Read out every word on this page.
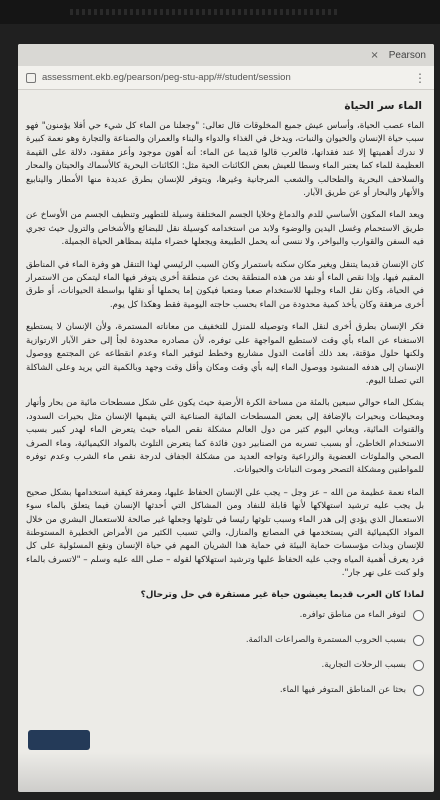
× Pearson
assessment.ekb.eg/pearson/peg-stu-app/#/student/session	⋮
الماء سر الحياة

الماء عصب الحياة، وأساس عيش جميع المخلوقات قال تعالى: "وجعلنا من الماء كل شيء حي أفلا يؤمنون" فهو سبب حياة الإنسان والحيوان والنبات، ويدخل في الغذاء والدواء والبناء والعمران والصناعة والتجارة وهو نعمة كبيرة لا ندرك أهميتها إلا عند فقدانها، فالعرب قالوا قديما عن الماء: أنه أهون موجود وأعز مفقود، دلالة على القيمة العظيمة للماء كما يعتبر الماء وسطا للعيش بعض الكائنات الحية مثل: الكائنات البحرية كالأسماك والحيتان والمحار والسلاحف البحرية والطحالب والشعب المرجانية وغيرها، ويتوفر للإنسان بطرق عديدة منها الأمطار والينابيع والأنهار والبحار أو عن طريق الآبار.

ويعد الماء المكون الأساسي للدم والدماغ وخلايا الجسم المختلفة وسيلة للتطهير وتنظيف الجسم من الأوساخ عن طريق الاستحمام وغسل اليدين والوضوء ولابد من استخدامه كوسيلة نقل للبضائع والأشخاص والترول حيث تجري فيه السفن والقوارب والبواخر، ولا ننسى أنه يحمل الطبيعة ويجعلها خضراء مليئة بمظاهر الحياة الجميلة.

كان الإنسان قديما يتنقل ويغير مكان سكنه باستمرار وكان السبب الرئيسي لهذا التنقل هو وفرة الماء في المناطق المقيم فيها، وإذا نقص الماء أو نفد من هذه المنطقة بحث عن منطقة أخرى يتوفر فيها الماء ليتمكن من الاستمرار في الحياة، وكان نقل الماء وجلبها للاستخدام صعبا ومتعبا فيكون إما يحملها أو نقلها بواسطة الحيوانات، أو طرق أخرى مرهقة وكان يأخذ كمية محدودة من الماء بحسب حاجته اليومية فقط وهكذا كل يوم.

فكر الإنسان بطرق أخرى لنقل الماء وتوصيله للمنزل للتخفيف من معاناته المستمرة، ولأن الإنسان لا يستطيع الاستغناء عن الماء بأي وقت لاستطيع المواجهة على توفره، لأن مصادره محدودة لجأ إلى حفر الآبار الارتوازية ولكنها حلول مؤقتة، بعد ذلك أقامت الدول مشاريع وخطط لتوفير الماء وعدم انقطاعه عن المجتمع ووصول الإنسان إلى هدفه المنشود ووصول الماء إليه بأي وقت ومكان وأقل وقت وجهد وبالكمية التي يريد وعلى الشاكلة التي تصلنا اليوم.

يشكل الماء حوالي سبعين بالمئة من مساحة الكرة الأرضية حيث يكون على شكل مسطحات مائية من بحار وأنهار ومحيطات وبحيرات بالإضافة إلى بعض المسطحات المائية الصناعية التي يقيمها الإنسان مثل بحيرات السدود، والقنوات المائية، ويعاني اليوم كثير من دول العالم مشكلة نقص المياه حيث يتعرض الماء لهدر كبير بسبب الاستخدام الخاطئ، أو بسبب تسربه من الصنابير دون فائدة كما يتعرض التلوث بالمواد الكيميائية، وماء الصرف الصحي والملوثات العضوية والزراعية وتواجه العديد من مشكلة الجفاف لدرجة نقص ماء الشرب وعدم توفره للمواطنين ومشكلة التصحر وموت النباتات والحيوانات.

الماء نعمة عظيمة من الله – عز وجل – يجب على الإنسان الحفاظ عليها، ومعرفة كيفية استخدامها بشكل صحيح بل يجب عليه ترشيد استهلاكها لأنها قابلة للنفاد ومن المشاكل التي أحدثها الإنسان فيما يتعلق بالماء سوء الاستعمال الذي يؤدي إلى هدر الماء وسبب تلوثها رئيسا في تلوثها وجعلها غير صالحة للاستعمال البشري من خلال المواد الكيميائية التي يستخدمها في المصانع والمنازل، والتي تسبب الكثير من الأمراض الخطيرة المستوطنة للإنسان وبذات مؤسسات حماية البيئة في حماية هذا الشريان المهم في حياة الإنسان ونقع المسئولية على كل فرد يعرف أهمية المياه وجب عليه الحفاظ عليها وترشيد استهلاكها لقوله – صلى الله عليه وسلم – "لاتسرف بالماء ولو كنت على نهر جار".

لماذا كان العرب قديما يعيشون حياة غير مستقرة في حل وترحال؟
لتوفر الماء من مناطق توافره.
بسبب الحروب المستمرة والصراعات الدائمة.
بسبب الرحلات التجارية.
بحثا عن المناطق المتوفر فيها الماء.
